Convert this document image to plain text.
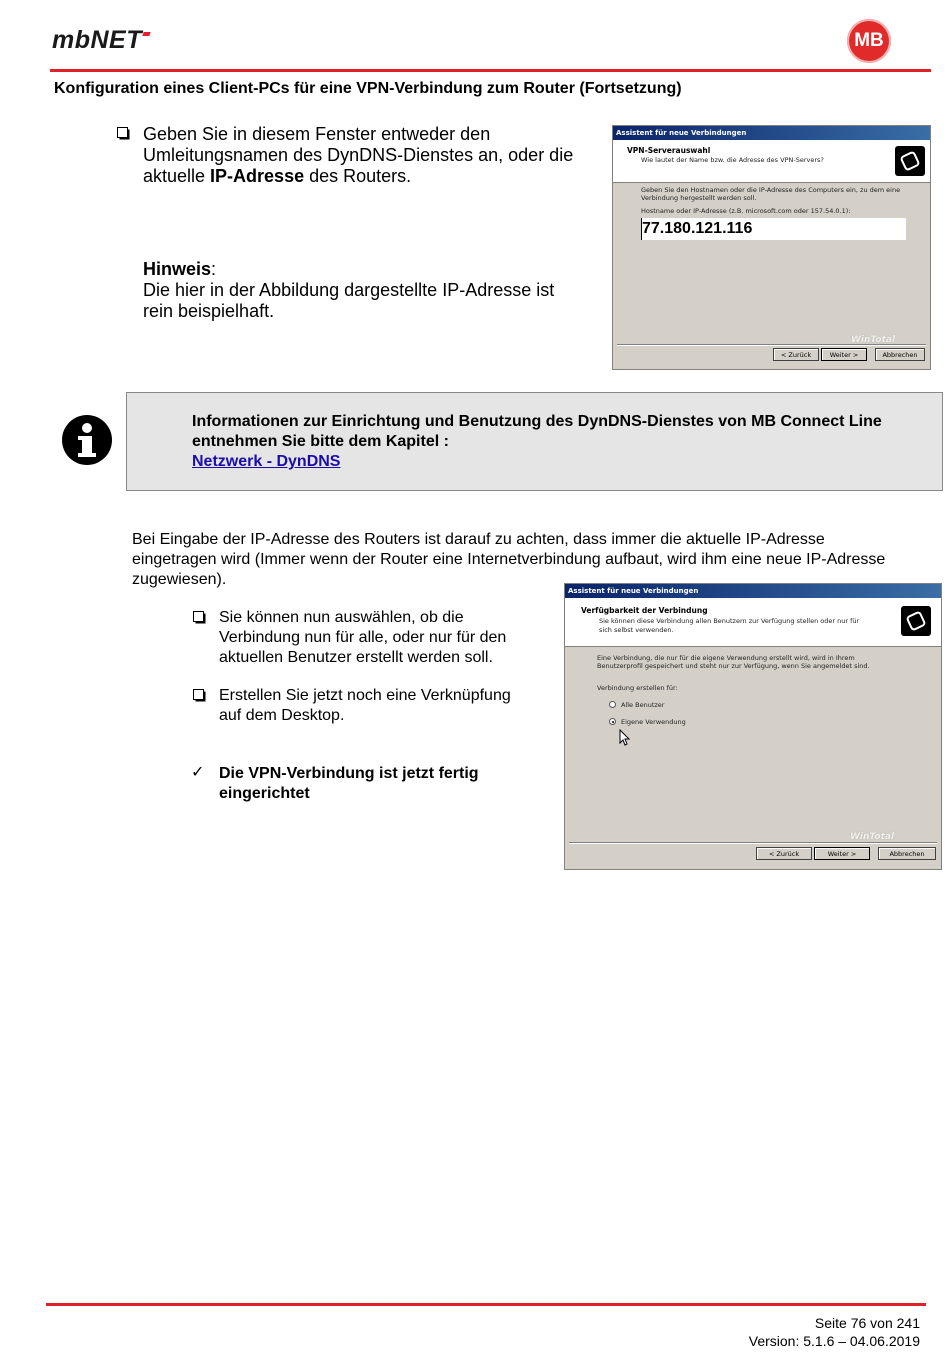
mbNET	MB
Konfiguration eines Client-PCs für eine VPN-Verbindung zum Router (Fortsetzung)
Geben Sie in diesem Fenster entweder den
Umleitungsnamen des DynDNS-Dienstes an, oder die
aktuelle IP-Adresse des Routers.
Hinweis:
Die hier in der Abbildung dargestellte IP-Adresse ist
rein beispielhaft.
Assistent für neue Verbindungen
VPN-Serverauswahl
Wie lautet der Name bzw. die Adresse des VPN-Servers?
Geben Sie den Hostnamen oder die IP-Adresse des Computers ein, zu dem eine
Verbindung hergestellt werden soll.
Hostname oder IP-Adresse (z.B. microsoft.com oder 157.54.0.1):
77.180.121.116
WinTotal
< Zurück	Weiter >	Abbrechen
Informationen zur Einrichtung und Benutzung des DynDNS-Dienstes von MB Connect Line
entnehmen Sie bitte dem Kapitel :
Netzwerk - DynDNS
Bei Eingabe der IP-Adresse des Routers ist darauf zu achten, dass immer die aktuelle IP-Adresse
eingetragen wird (Immer wenn der Router eine Internetverbindung aufbaut, wird ihm eine neue IP-Adresse
zugewiesen).
Sie können nun auswählen, ob die
Verbindung nun für alle, oder nur für den
aktuellen Benutzer erstellt werden soll.
Erstellen Sie jetzt noch eine Verknüpfung
auf dem Desktop.
✓ Die VPN-Verbindung ist jetzt fertig
eingerichtet
Assistent für neue Verbindungen
Verfügbarkeit der Verbindung
Sie können diese Verbindung allen Benutzern zur Verfügung stellen oder nur für
sich selbst verwenden.
Eine Verbindung, die nur für die eigene Verwendung erstellt wird, wird in Ihrem
Benutzerprofil gespeichert und steht nur zur Verfügung, wenn Sie angemeldet sind.
Verbindung erstellen für:
Alle Benutzer
Eigene Verwendung
WinTotal
< Zurück	Weiter >	Abbrechen
Seite 76 von 241
Version: 5.1.6 – 04.06.2019
